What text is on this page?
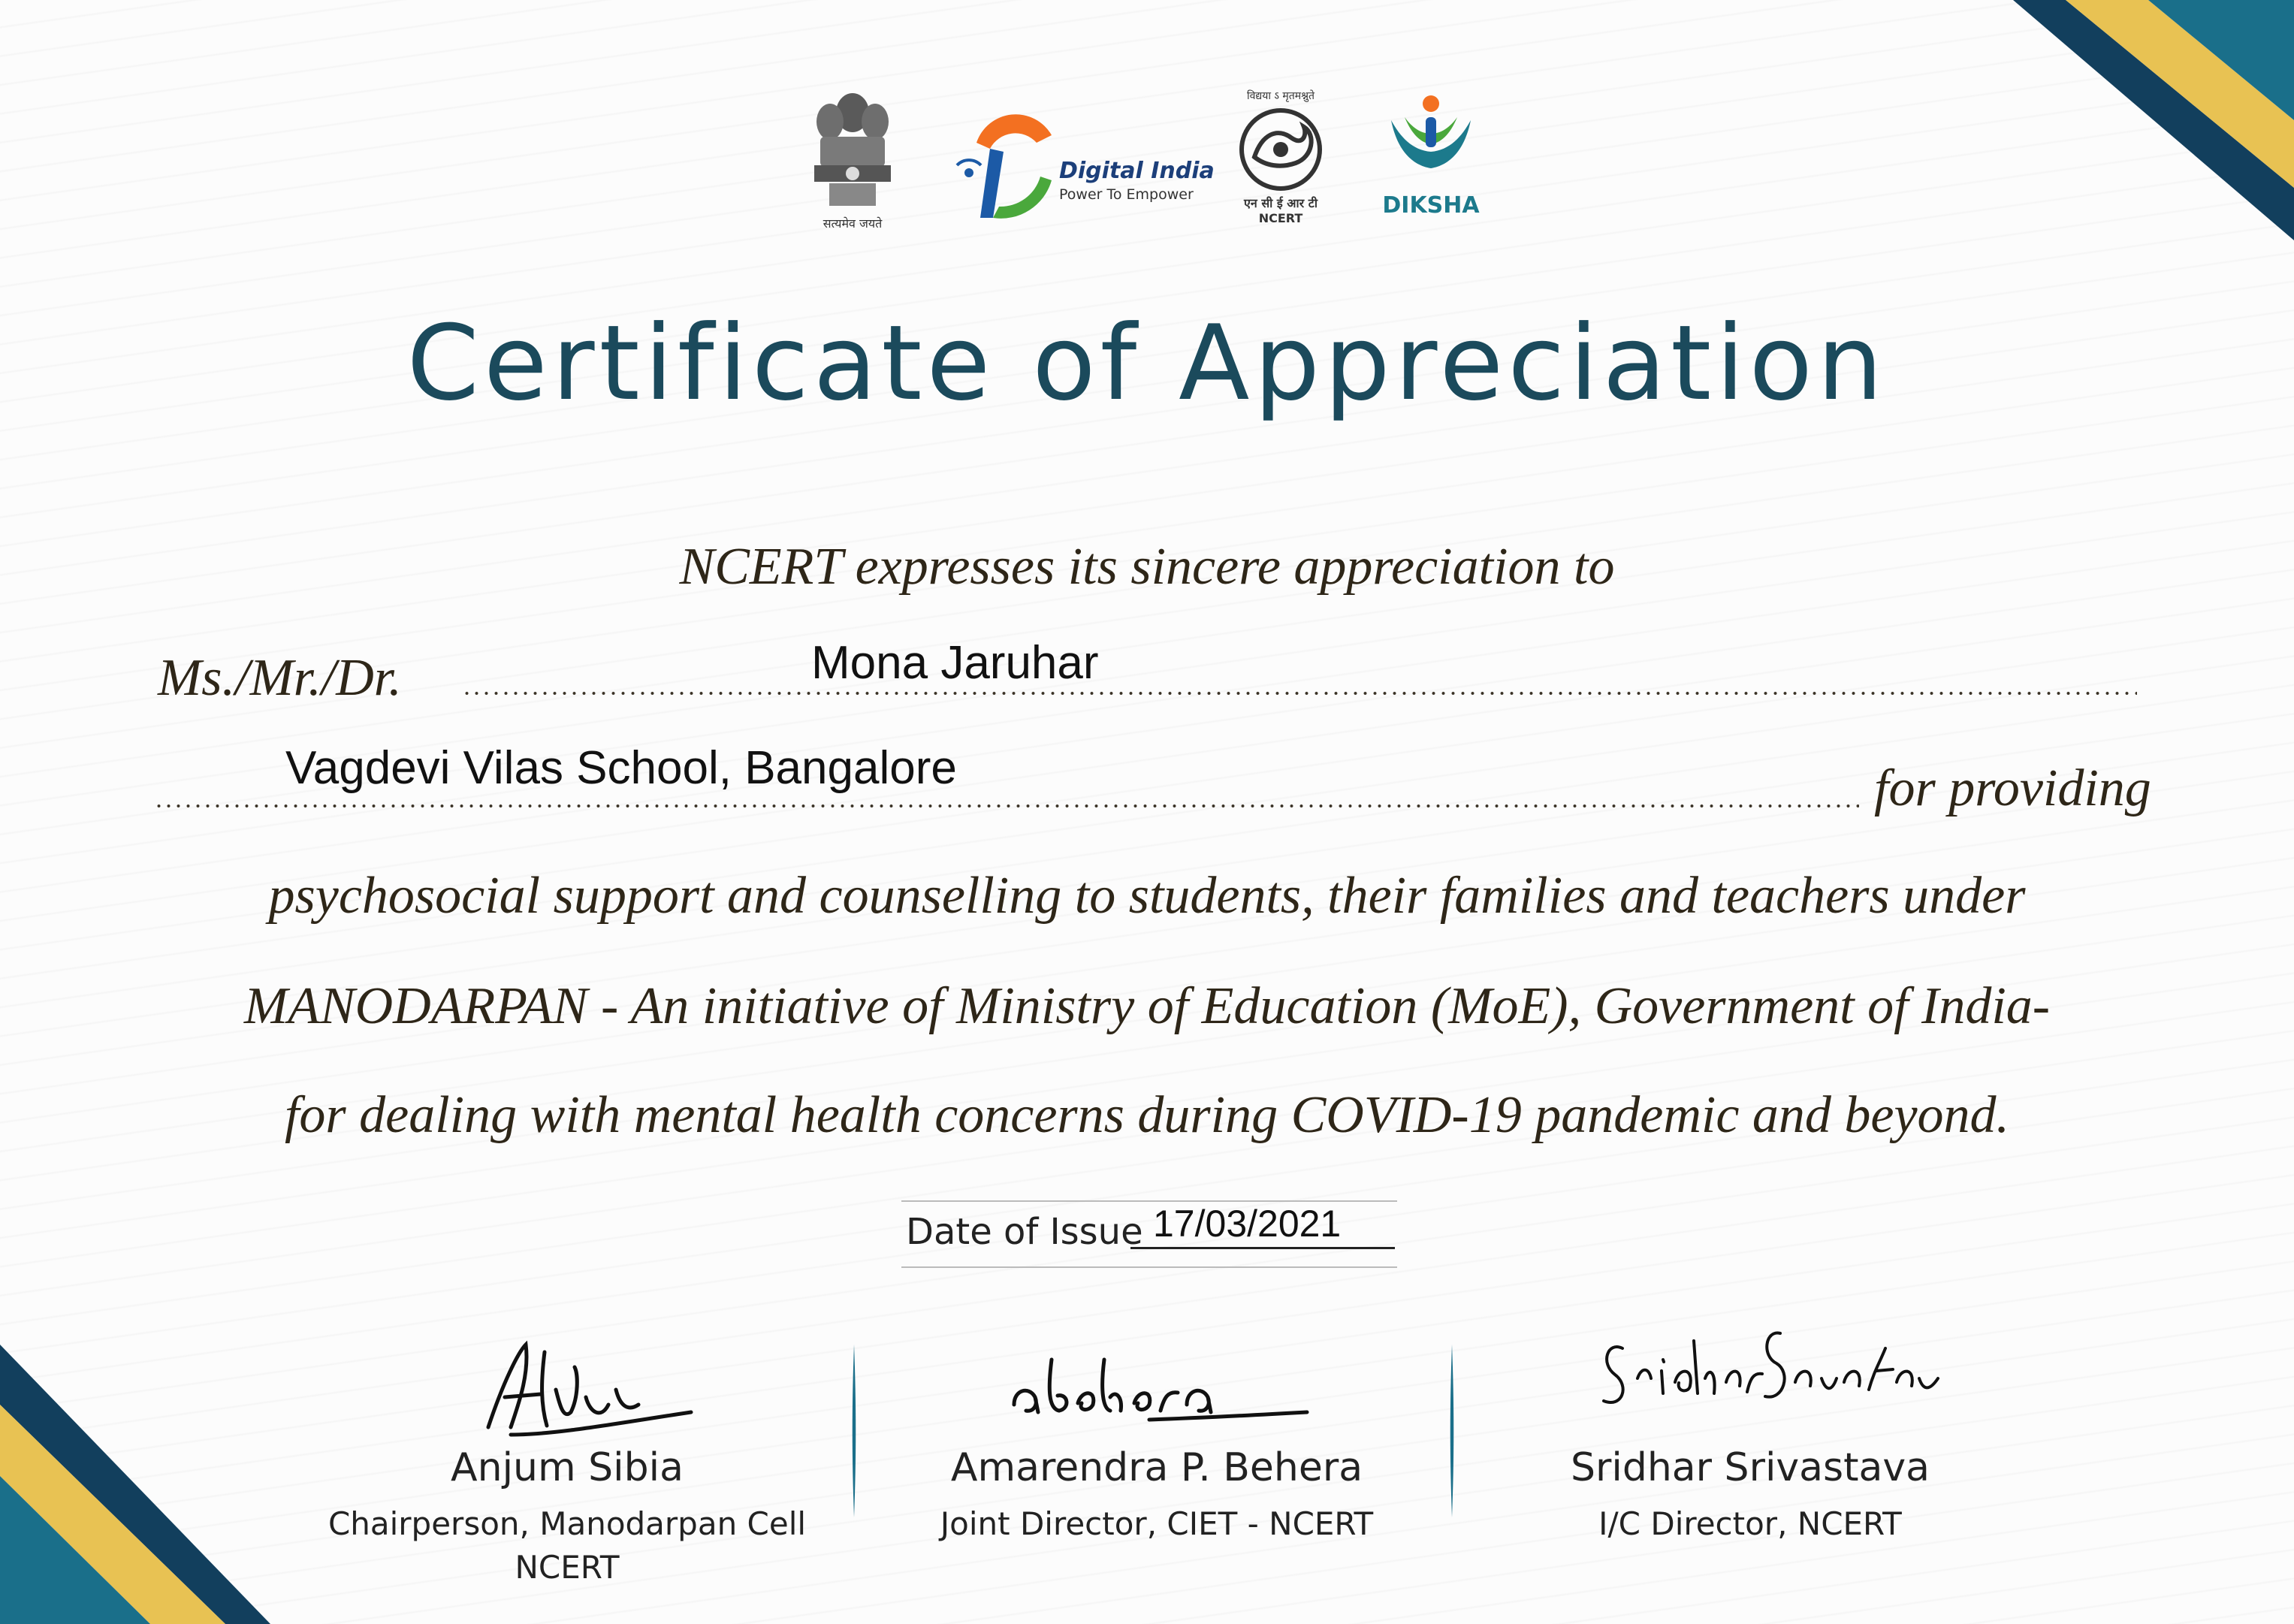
सत्यमेव जयते
Digital India
Power To Empower
विद्यया ऽ मृतमश्नुते
एन सी ई आर टी
NCERT	DIKSHA
Certificate of Appreciation
NCERT expresses its sincere appreciation to
Ms./Mr./Dr.	Mona Jaruhar
Vagdevi Vilas School, Bangalore	for providing
psychosocial support and counselling to students, their families and teachers under
MANODARPAN - An initiative of Ministry of Education (MoE), Government of India-
for dealing with mental health concerns during COVID-19 pandemic and beyond.
Date of Issue 17/03/2021
Anjum Sibia
Chairperson, Manodarpan Cell
NCERT
Amarendra P. Behera
Joint Director, CIET - NCERT
Sridhar Srivastava
I/C Director, NCERT
